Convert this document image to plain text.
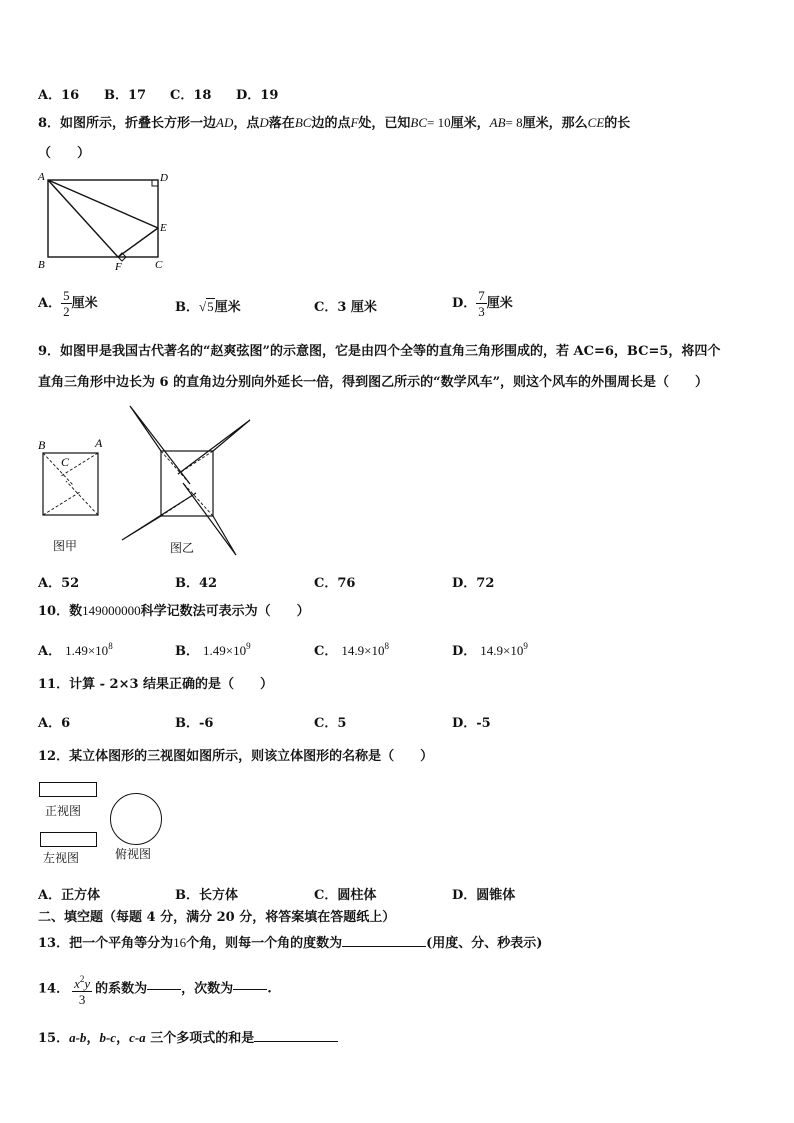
A．16 B．17 C．18 D．19
8．如图所示，折叠长方形一边AD，点D落在BC边的点F处，已知BC= 10厘米，AB= 8厘米，那么CE的长
（　　）
A	D
E
B	F	C
A． $\frac{5}{2}$ 厘米	B．√5厘米	C．3 厘米	D． $\frac{7}{3}$ 厘米
9．如图甲是我国古代著名的“赵爽弦图”的示意图，它是由四个全等的直角三角形围成的，若 AC=6，BC=5，将四个
直角三角形中边长为 6 的直角边分别向外延长一倍，得到图乙所示的“数学风车”，则这个风车的外围周长是（　　）
B	A
C
图甲	图乙
A．52	B．42	C．76	D．72
10．数149000000科学记数法可表示为（　　）
A． $1.49\times 10^8$	B． $1.49\times 10^9$	C． $14.9\times 10^8$	D． $14.9\times 10^9$
11．计算 - 2×3 结果正确的是（　　）
A．6	B．-6	C．5	D．-5
12．某立体图形的三视图如图所示，则该立体图形的名称是（　　）
正视图
左视图	俯视图
A．正方体	B．长方体	C．圆柱体	D．圆锥体
二、填空题（每题 4 分，满分 20 分，将答案填在答题纸上）
13．把一个平角等分为16个角，则每一个角的度数为	(用度、分、秒表示)
14． $\frac{x^2y}{3}$ 的系数为	，次数为	.
15．a-b，b-c，c-a 三个多项式的和是
